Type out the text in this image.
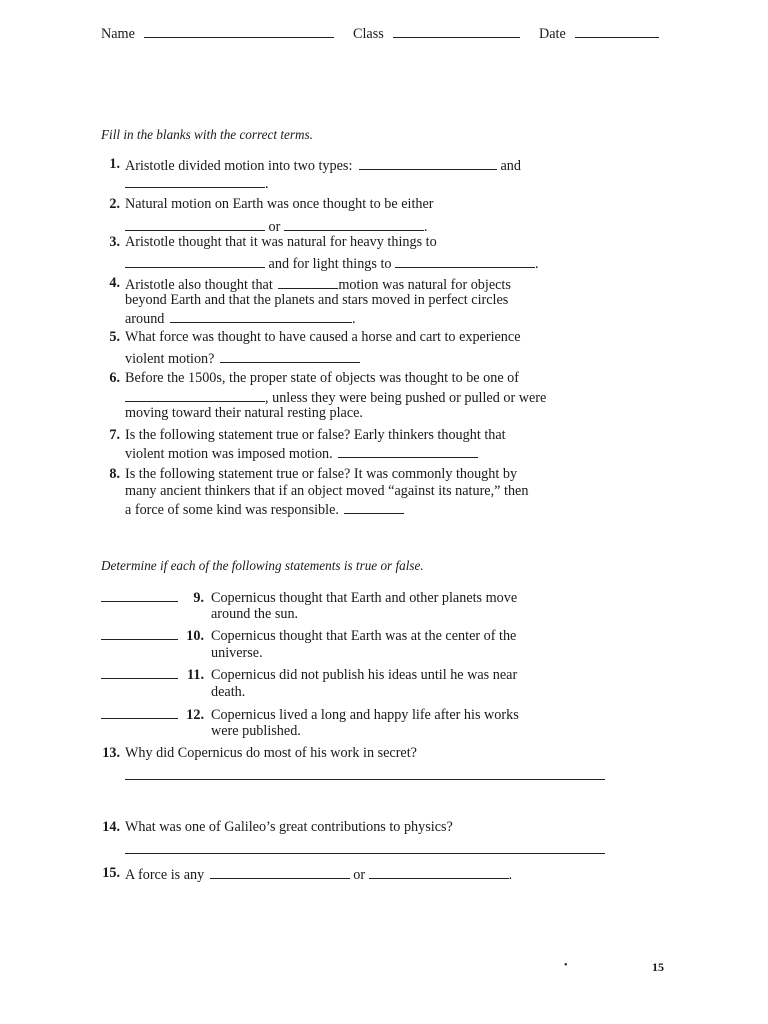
Name	Class	Date
Fill in the blanks with the correct terms.
1. Aristotle divided motion into two types:	and
.
2. Natural motion on Earth was once thought to be either
or	.
3. Aristotle thought that it was natural for heavy things to
and for light things to	.
4. Aristotle also thought that	motion was natural for objects
beyond Earth and that the planets and stars moved in perfect circles
around	.
5. What force was thought to have caused a horse and cart to experience
violent motion?
6. Before the 1500s, the proper state of objects was thought to be one of
, unless they were being pushed or pulled or were
moving toward their natural resting place.
7. Is the following statement true or false? Early thinkers thought that
violent motion was imposed motion.
8. Is the following statement true or false? It was commonly thought by
many ancient thinkers that if an object moved “against its nature,” then
a force of some kind was responsible.
Determine if each of the following statements is true or false.
9. Copernicus thought that Earth and other planets move
around the sun.
10. Copernicus thought that Earth was at the center of the
universe.
11. Copernicus did not publish his ideas until he was near
death.
12. Copernicus lived a long and happy life after his works
were published.
13. Why did Copernicus do most of his work in secret?
14. What was one of Galileo’s great contributions to physics?
15. A force is any	or	.
•	15
